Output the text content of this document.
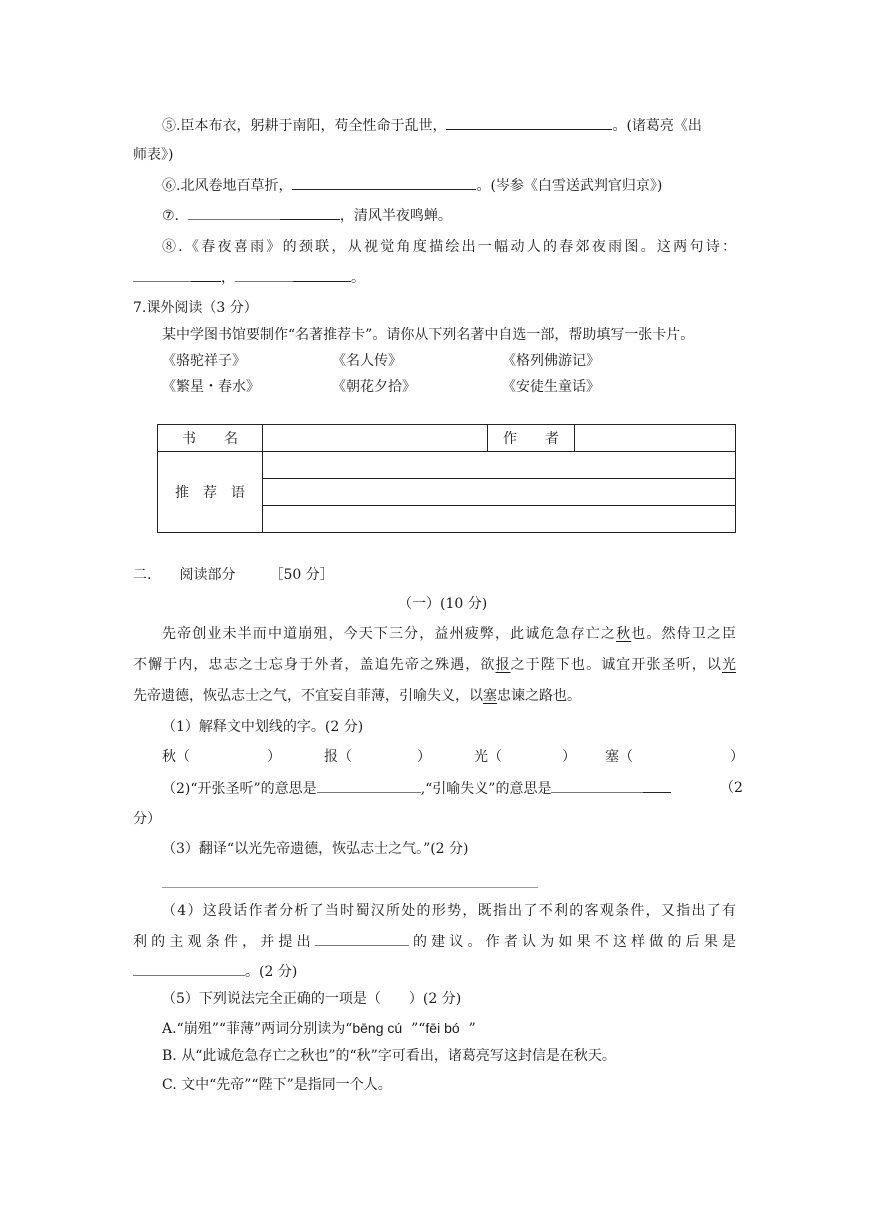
⑤.臣本布衣，躬耕于南阳，苟全性命于乱世，	。(诸葛亮《出
师表》)
⑥.北风卷地百草折，	。(岑参《白雪送武判官归京》)
⑦.	，清风半夜鸣蝉。
⑧.《春夜喜雨》的颈联，从视觉角度描绘出一幅动人的春郊夜雨图。这两句诗：
，	。
7.课外阅读（3 分）
某中学图书馆要制作“名著推荐卡”。请你从下列名著中自选一部，帮助填写一张卡片。
《骆驼祥子》	《名人传》	《格列佛游记》
《繁星・春水》	《朝花夕拾》	《安徒生童话》
书　　名		作　　者	
推　荐　语			

二.　　阅读部分 ［50 分］
（一）(10 分)
先帝创业未半而中道崩殂，今天下三分，益州疲弊，此诚危急存亡之秋也。然侍卫之臣
不懈于内，忠志之士忘身于外者，盖追先帝之殊遇，欲报之于陛下也。诚宜开张圣听，以光
先帝遗德，恢弘志士之气，不宜妄自菲薄，引喻失义，以塞忠谏之路也。
（1）解释文中划线的字。(2 分)
秋（	）	报（	）	光（	） 塞（	）
（2)“开张圣听”的意思是	,“引喻失义”的意思是	（2
分）
（3）翻译“以光先帝遗德，恢弘志士之气。”(2 分)
（4）这段话作者分析了当时蜀汉所处的形势，既指出了不利的客观条件，又指出了有
利的主观条件，并提出	的建议。作者认为如果不这样做的后果是
。(2 分)
（5）下列说法完全正确的一项是（　　）(2 分)
A.“崩殂”“菲薄”两词分别读为“bēng cú ”“fēi bó ”
B. 从“此诚危急存亡之秋也”的“秋”字可看出，诸葛亮写这封信是在秋天。
C. 文中“先帝”“陛下”是指同一个人。
